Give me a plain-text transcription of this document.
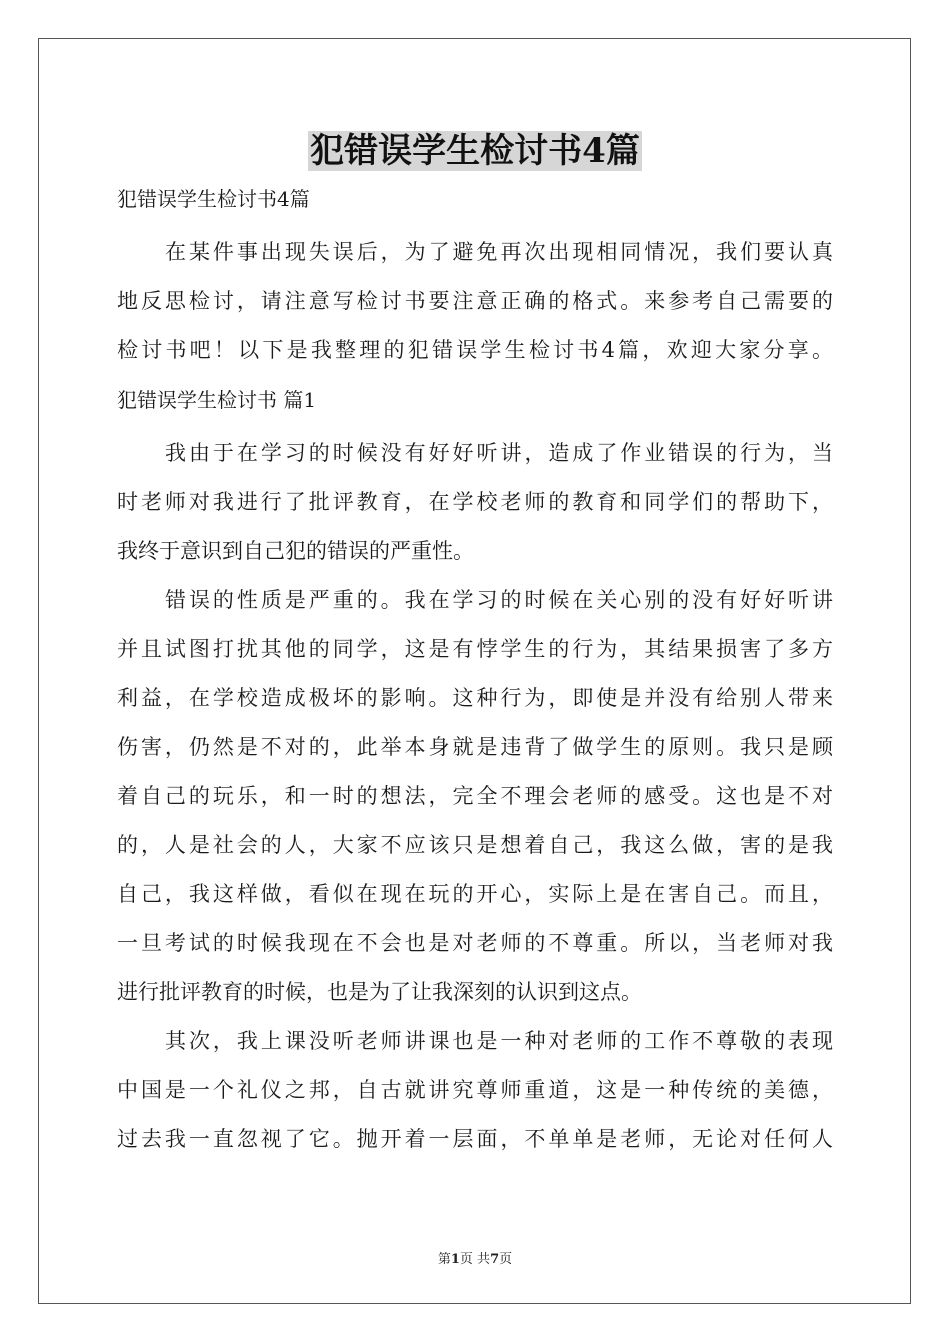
犯错误学生检讨书4篇
犯错误学生检讨书4篇
在某件事出现失误后，为了避免再次出现相同情况，我们要认真
地反思检讨，请注意写检讨书要注意正确的格式。来参考自己需要的
检讨书吧！以下是我整理的犯错误学生检讨书4篇，欢迎大家分享。
犯错误学生检讨书 篇1
我由于在学习的时候没有好好听讲，造成了作业错误的行为，当
时老师对我进行了批评教育，在学校老师的教育和同学们的帮助下，
我终于意识到自己犯的错误的严重性。
错误的性质是严重的。我在学习的时候在关心别的没有好好听讲
并且试图打扰其他的同学，这是有悖学生的行为，其结果损害了多方
利益，在学校造成极坏的影响。这种行为，即使是并没有给别人带来
伤害，仍然是不对的，此举本身就是违背了做学生的原则。我只是顾
着自己的玩乐，和一时的想法，完全不理会老师的感受。这也是不对
的，人是社会的人，大家不应该只是想着自己，我这么做，害的是我
自己，我这样做，看似在现在玩的开心，实际上是在害自己。而且，
一旦考试的时候我现在不会也是对老师的不尊重。所以，当老师对我
进行批评教育的时候，也是为了让我深刻的认识到这点。
其次，我上课没听老师讲课也是一种对老师的工作不尊敬的表现
中国是一个礼仪之邦，自古就讲究尊师重道，这是一种传统的美德，
过去我一直忽视了它。抛开着一层面，不单单是老师，无论对任何人
第1页 共7页
